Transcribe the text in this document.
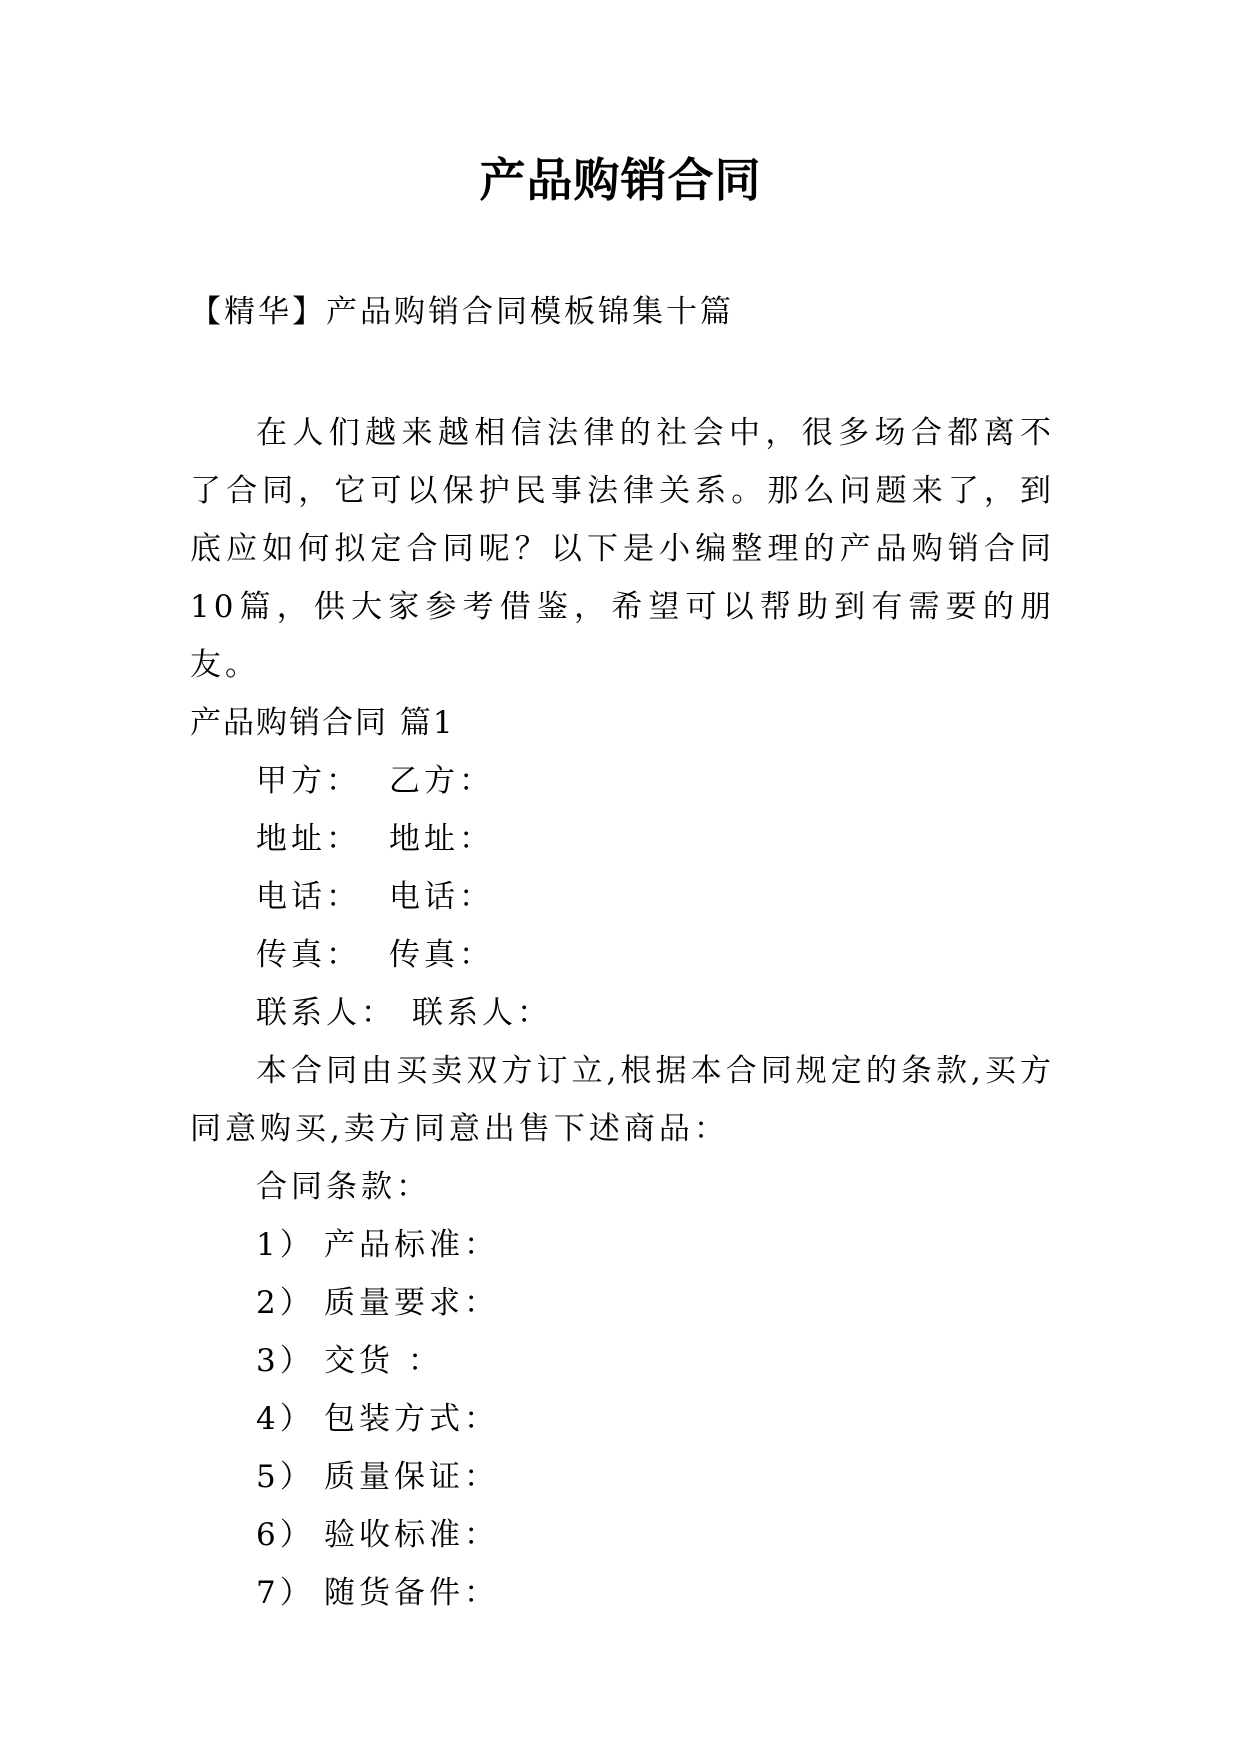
产品购销合同

【精华】产品购销合同模板锦集十篇

在人们越来越相信法律的社会中，很多场合都离不了合同，它可以保护民事法律关系。那么问题来了，到底应如何拟定合同呢？以下是小编整理的产品购销合同10篇，供大家参考借鉴，希望可以帮助到有需要的朋友。

产品购销合同 篇1

甲方： 乙方：

地址： 地址：

电话： 电话：

传真： 传真：

联系人： 联系人：

本合同由买卖双方订立,根据本合同规定的条款,买方同意购买,卖方同意出售下述商品：

合同条款：

1） 产品标准：

2） 质量要求：

3） 交货 ：

4） 包装方式：

5） 质量保证：

6） 验收标准：

7） 随货备件：
